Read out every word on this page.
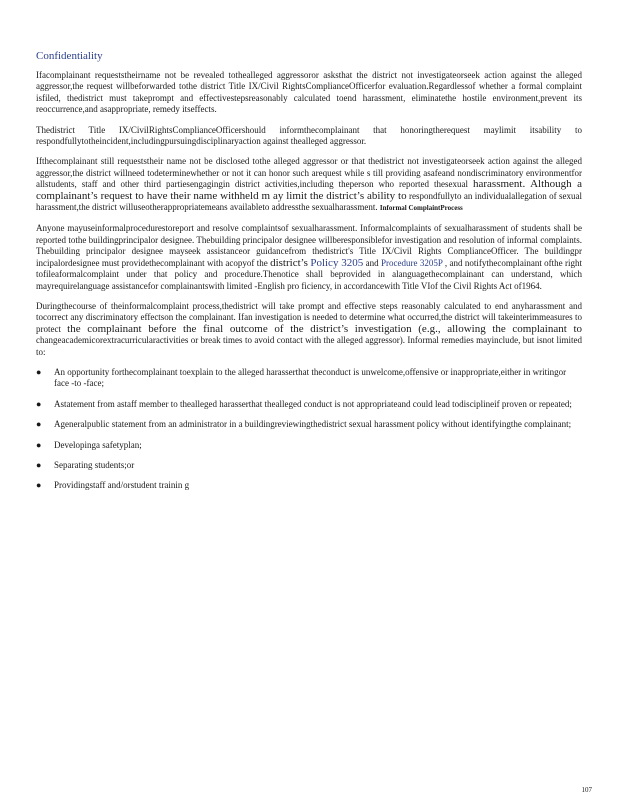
Confidentiality

Ifacomplainant requeststheirname not be revealed tothealleged aggressoror asksthat the district not investigateorseek action against the alleged aggressor,the request willbeforwarded tothe district Title IX/Civil RightsComplianceOfficerfor evaluation.Regardlessof whether a formal complaint isfiled, thedistrict must takeprompt and effectivestepsreasonably calculated toend harassment, eliminatethe hostile environment,prevent its reoccurrence,and asappropriate, remedy itseffects.

Thedistrict Title IX/CivilRightsComplianceOfficershould informthecomplainant that honoringtherequest maylimit itsability to respondfullytotheincident,includingpursuingdisciplinaryaction against thealleged aggressor.

Ifthecomplainant still requeststheir name not be disclosed tothe alleged aggressor or that thedistrict not investigateorseek action against the alleged aggressor,the district willneed todeterminewhether or not it can honor such arequest while s till providing asafeand nondiscriminatory environmentfor allstudents, staff and other third partiesengagingin district activities,including theperson who reported thesexual harassment. Although a complainant’s request to have their name withheld m ay limit the district’s ability to respondfullyto an individualallegation of sexual harassment,the district willuseotherappropriatemeans availableto addressthe sexualharassment. Informal ComplaintProcess

Anyone mayuseinformalprocedurestoreport and resolve complaintsof sexualharassment. Informalcomplaints of sexualharassment of students shall be reported tothe buildingprincipalor designee. Thebuilding principalor designee willberesponsiblefor investigation and resolution of informal complaints. Thebuilding principalor designee mayseek assistanceor guidancefrom thedistrict's Title IX/Civil Rights ComplianceOfficer. The buildingpr incipalordesignee must providethecomplainant with acopyof the district’s Policy 3205 and Procedure 3205P , and notifythecomplainant ofthe right tofileaformalcomplaint under that policy and procedure.Thenotice shall beprovided in alanguagethecomplainant can understand, which mayrequirelanguage assistancefor complainantswith limited -English pro ficiency, in accordancewith Title VIof the Civil Rights Act of1964.

Duringthecourse of theinformalcomplaint process,thedistrict will take prompt and effective steps reasonably calculated to end anyharassment and tocorrect any discriminatory effectson the complainant. Ifan investigation is needed to determine what occurred,the district will takeinterimmeasures to protect the complainant before the final outcome of the district’s investigation (e.g., allowing the complainant to changeacademicorextracurricularactivities or break times to avoid contact with the alleged aggressor). Informal remedies mayinclude, but isnot limited to:

● An opportunity forthecomplainant toexplain to the alleged harasserthat theconduct is unwelcome,offensive or inappropriate,either in writingor face -to -face;
● Astatement from astaff member to thealleged harasserthat thealleged conduct is not appropriateand could lead todisciplineif proven or repeated;
● Ageneralpublic statement from an administrator in a buildingreviewingthedistrict sexual harassment policy without identifyingthe complainant;
● Developinga safetyplan;
● Separating students;or
● Providingstaff and/orstudent trainin g
107
